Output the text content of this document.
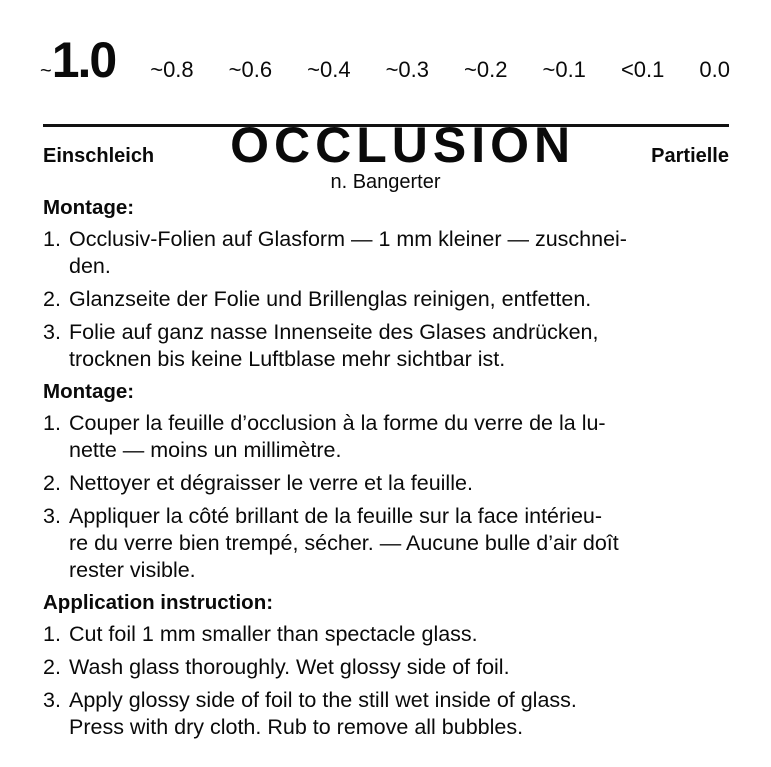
~1.0 ~0.8 ~0.6 ~0.4 ~0.3 ~0.2 ~0.1 <0.1 0.0
Einschleich OCCLUSION	Partielle
n. Bangerter
Montage:
1. Occlusiv-Folien auf Glasform — 1 mm kleiner — zuschnei-
den.
2. Glanzseite der Folie und Brillenglas reinigen, entfetten.
3. Folie auf ganz nasse Innenseite des Glases andrücken,
trocknen bis keine Luftblase mehr sichtbar ist.
Montage:
1. Couper la feuille d’occlusion à la forme du verre de la lu-
nette — moins un millimètre.
2. Nettoyer et dégraisser le verre et la feuille.
3. Appliquer la côté brillant de la feuille sur la face intérieu-
re du verre bien trempé, sécher. — Aucune bulle d’air doît
rester visible.
Application instruction:
1. Cut foil 1 mm smaller than spectacle glass.
2. Wash glass thoroughly. Wet glossy side of foil.
3. Apply glossy side of foil to the still wet inside of glass.
Press with dry cloth. Rub to remove all bubbles.
